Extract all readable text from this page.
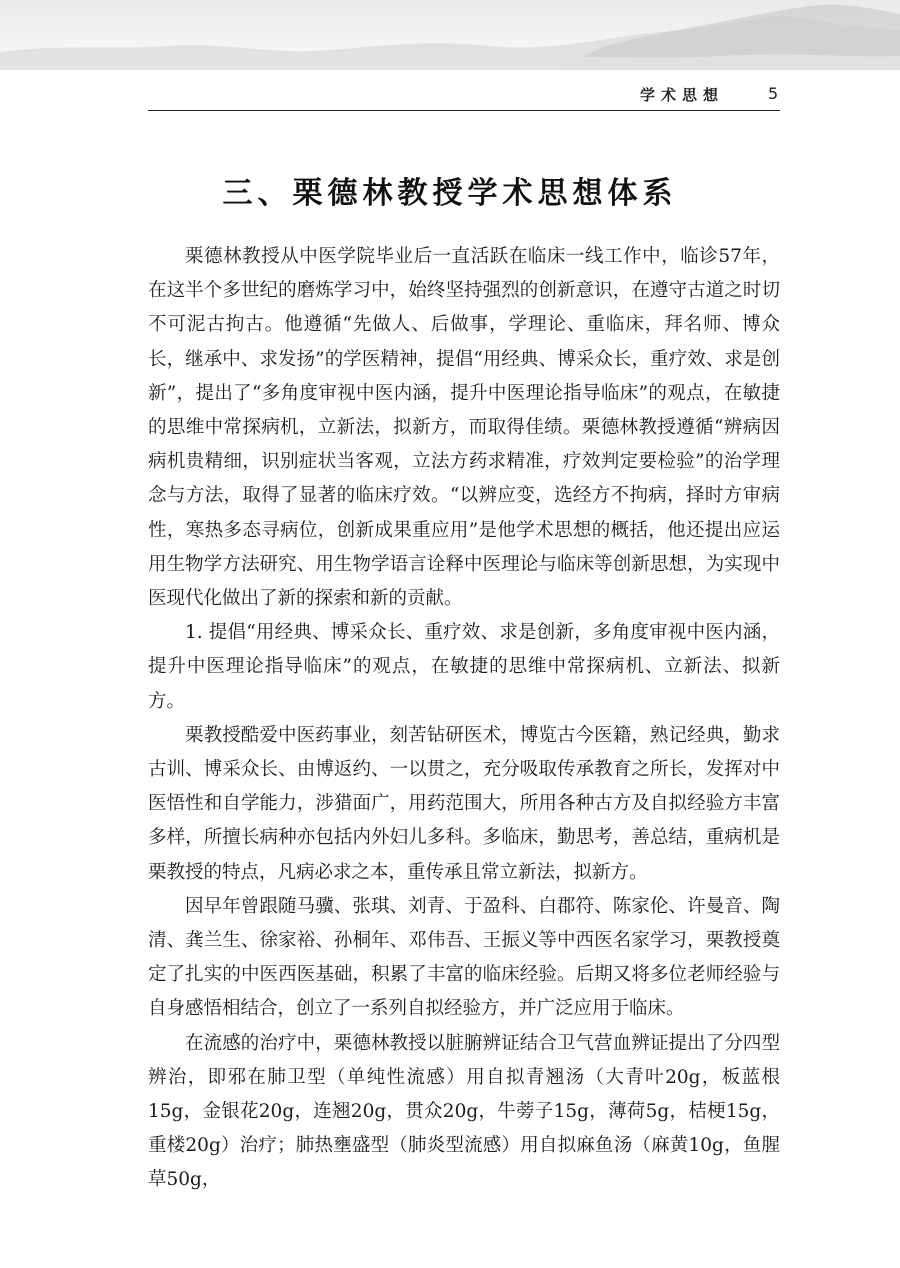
学术思想	5
三、栗德林教授学术思想体系

栗德林教授从中医学院毕业后一直活跃在临床一线工作中，临诊57年，在这半个多世纪的磨炼学习中，始终坚持强烈的创新意识，在遵守古道之时切不可泥古拘古。他遵循“先做人、后做事，学理论、重临床，拜名师、博众长，继承中、求发扬”的学医精神，提倡“用经典、博采众长，重疗效、求是创新”，提出了“多角度审视中医内涵，提升中医理论指导临床”的观点，在敏捷的思维中常探病机，立新法，拟新方，而取得佳绩。栗德林教授遵循“辨病因病机贵精细，识别症状当客观，立法方药求精准，疗效判定要检验”的治学理念与方法，取得了显著的临床疗效。“以辨应变，选经方不拘病，择时方审病性，寒热多态寻病位，创新成果重应用”是他学术思想的概括，他还提出应运用生物学方法研究、用生物学语言诠释中医理论与临床等创新思想，为实现中医现代化做出了新的探索和新的贡献。

1. 提倡“用经典、博采众长、重疗效、求是创新，多角度审视中医内涵，提升中医理论指导临床”的观点，在敏捷的思维中常探病机、立新法、拟新方。

栗教授酷爱中医药事业，刻苦钻研医术，博览古今医籍，熟记经典，勤求古训、博采众长、由博返约、一以贯之，充分吸取传承教育之所长，发挥对中医悟性和自学能力，涉猎面广，用药范围大，所用各种古方及自拟经验方丰富多样，所擅长病种亦包括内外妇儿多科。多临床，勤思考，善总结，重病机是栗教授的特点，凡病必求之本，重传承且常立新法，拟新方。

因早年曾跟随马骥、张琪、刘青、于盈科、白郡符、陈家伦、许曼音、陶清、龚兰生、徐家裕、孙桐年、邓伟吾、王振义等中西医名家学习，栗教授奠定了扎实的中医西医基础，积累了丰富的临床经验。后期又将多位老师经验与自身感悟相结合，创立了一系列自拟经验方，并广泛应用于临床。

在流感的治疗中，栗德林教授以脏腑辨证结合卫气营血辨证提出了分四型辨治，即邪在肺卫型（单纯性流感）用自拟青翘汤（大青叶20g，板蓝根15g，金银花20g，连翘20g，贯众20g，牛蒡子15g，薄荷5g，桔梗15g，重楼20g）治疗；肺热壅盛型（肺炎型流感）用自拟麻鱼汤（麻黄10g，鱼腥草50g，
